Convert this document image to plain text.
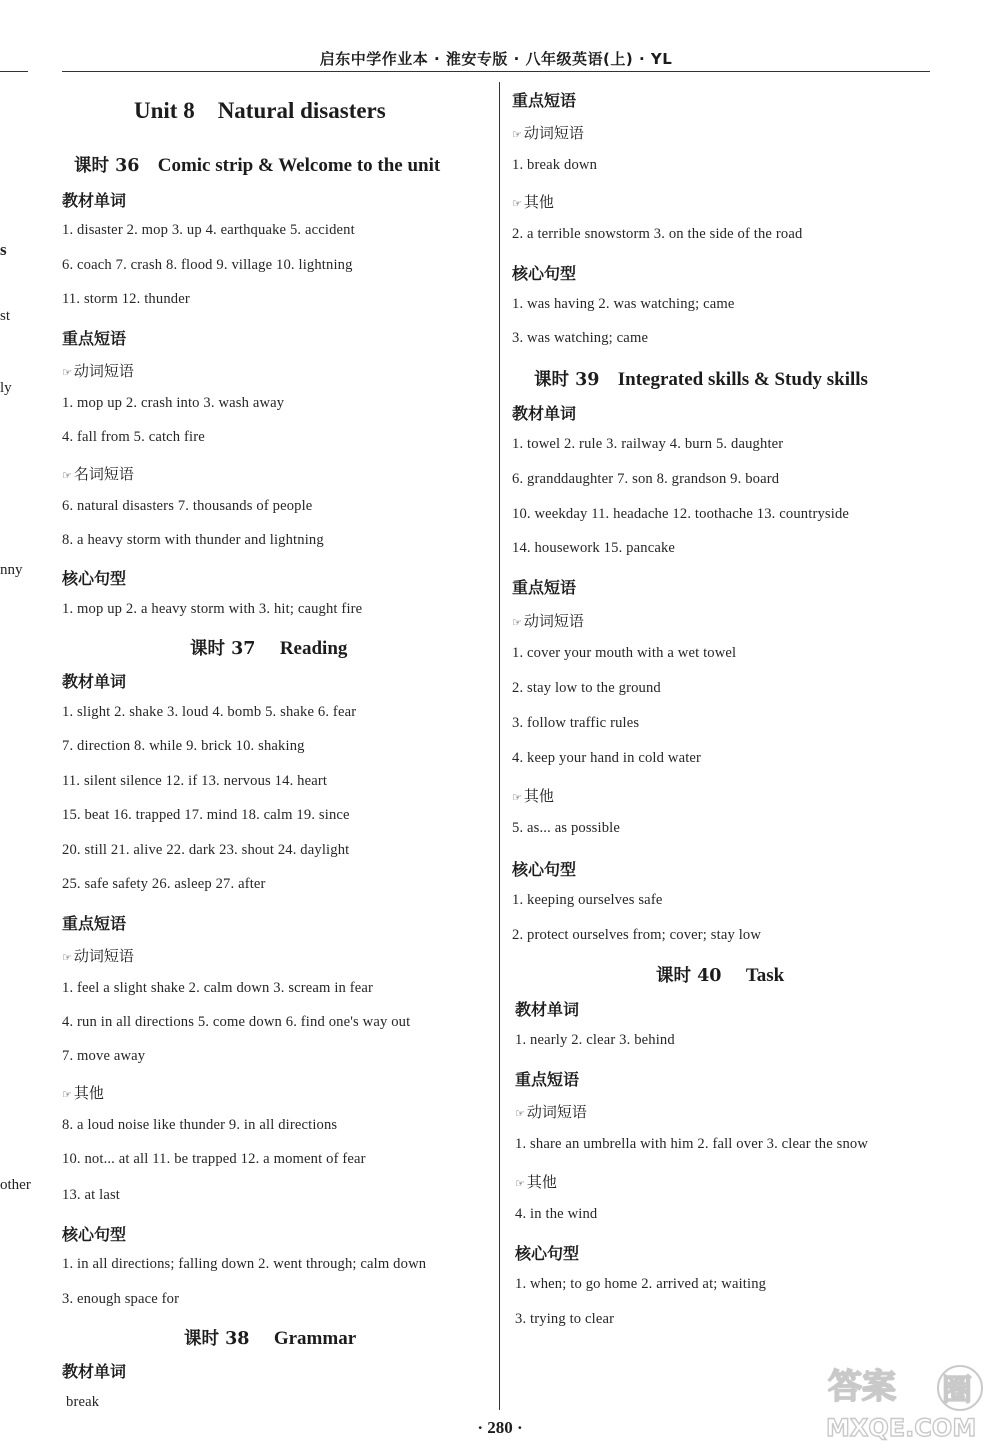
启东中学作业本 · 淮安专版 · 八年级英语(上) · YL
s
st
ly
nny
other
Unit 8    Natural disasters
课时 36 Comic strip & Welcome to the unit
教材单词
1. disaster 2. mop 3. up 4. earthquake 5. accident
6. coach 7. crash 8. flood 9. village 10. lightning
11. storm 12. thunder
重点短语
☞ 动词短语
1. mop up 2. crash into 3. wash away
4. fall from 5. catch fire
☞ 名词短语
6. natural disasters 7. thousands of people
8. a heavy storm with thunder and lightning
核心句型
1. mop up 2. a heavy storm with 3. hit; caught fire
课时 37 Reading
教材单词
1. slight 2. shake 3. loud 4. bomb 5. shake 6. fear
7. direction 8. while 9. brick 10. shaking
11. silent silence 12. if 13. nervous 14. heart
15. beat 16. trapped 17. mind 18. calm 19. since
20. still 21. alive 22. dark 23. shout 24. daylight
25. safe safety 26. asleep 27. after
重点短语
☞ 动词短语
1. feel a slight shake 2. calm down 3. scream in fear
4. run in all directions 5. come down 6. find one's way out
7. move away
☞ 其他
8. a loud noise like thunder 9. in all directions
10. not... at all 11. be trapped 12. a moment of fear
13. at last
核心句型
1. in all directions; falling down 2. went through; calm down
3. enough space for
课时 38 Grammar
教材单词
break
重点短语
☞ 动词短语
1. break down
☞ 其他
2. a terrible snowstorm 3. on the side of the road
核心句型
1. was having 2. was watching; came
3. was watching; came
课时 39 Integrated skills & Study skills
教材单词
1. towel 2. rule 3. railway 4. burn 5. daughter
6. granddaughter 7. son 8. grandson 9. board
10. weekday 11. headache 12. toothache 13. countryside
14. housework 15. pancake
重点短语
☞ 动词短语
1. cover your mouth with a wet towel
2. stay low to the ground
3. follow traffic rules
4. keep your hand in cold water
☞ 其他
5. as... as possible
核心句型
1. keeping ourselves safe
2. protect ourselves from; cover; stay low
课时 40 Task
教材单词
1. nearly 2. clear 3. behind
重点短语
☞ 动词短语
1. share an umbrella with him 2. fall over 3. clear the snow
☞ 其他
4. in the wind
核心句型
1. when; to go home 2. arrived at; waiting
3. trying to clear
· 280 ·
答案 圈
MXQE.COM
